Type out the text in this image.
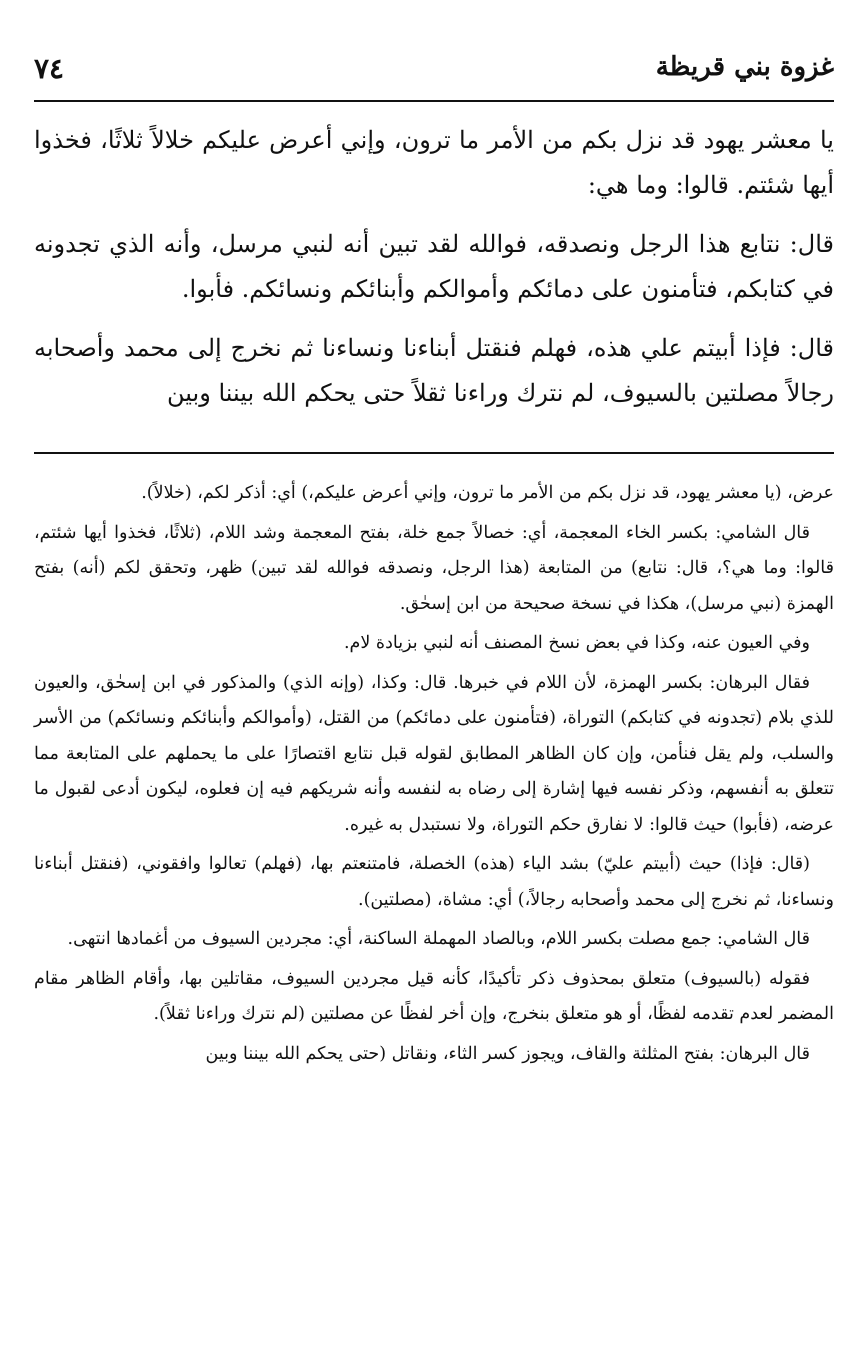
٧٤	غزوة بني قريظة

يا معشر يهود قد نزل بكم من الأمر ما ترون، وإني أعرض عليكم خلالاً ثلاثًا، فخذوا أيها شئتم. قالوا: وما هي:

قال: نتابع هذا الرجل ونصدقه، فوالله لقد تبين أنه لنبي مرسل، وأنه الذي تجدونه في كتابكم، فتأمنون على دمائكم وأموالكم وأبنائكم ونسائكم. فأبوا.

قال: فإذا أبيتم علي هذه، فهلم فنقتل أبناءنا ونساءنا ثم نخرج إلى محمد وأصحابه رجالاً مصلتين بالسيوف، لم نترك وراءنا ثقلاً حتى يحكم الله بيننا وبين

عرض، (يا معشر يهود، قد نزل بكم من الأمر ما ترون، وإني أعرض عليكم،) أي: أذكر لكم، (خلالاً).

قال الشامي: بكسر الخاء المعجمة، أي: خصالاً جمع خلة، بفتح المعجمة وشد اللام، (ثلاثًا، فخذوا أيها شئتم، قالوا: وما هي؟، قال: نتابع) من المتابعة (هذا الرجل، ونصدقه فوالله لقد تبين) ظهر، وتحقق لكم (أنه) بفتح الهمزة (نبي مرسل)، هكذا في نسخة صحيحة من ابن إسحٰق.

وفي العيون عنه، وكذا في بعض نسخ المصنف أنه لنبي بزيادة لام.

فقال البرهان: بكسر الهمزة، لأن اللام في خبرها. قال: وكذا، (وإنه الذي) والمذكور في ابن إسحٰق، والعيون للذي بلام (تجدونه في كتابكم) التوراة، (فتأمنون على دمائكم) من القتل، (وأموالكم وأبنائكم ونسائكم) من الأسر والسلب، ولم يقل فنأمن، وإن كان الظاهر المطابق لقوله قبل نتابع اقتصارًا على ما يحملهم على المتابعة مما تتعلق به أنفسهم، وذكر نفسه فيها إشارة إلى رضاه به لنفسه وأنه شريكهم فيه إن فعلوه، ليكون أدعى لقبول ما عرضه، (فأبوا) حيث قالوا: لا نفارق حكم التوراة، ولا نستبدل به غيره.

(قال: فإذا) حيث (أبيتم عليّ) بشد الياء (هذه) الخصلة، فامتنعتم بها، (فهلم) تعالوا وافقوني، (فنقتل أبناءنا ونساءنا، ثم نخرج إلى محمد وأصحابه رجالاً،) أي: مشاة، (مصلتين).

قال الشامي: جمع مصلت بكسر اللام، وبالصاد المهملة الساكنة، أي: مجردين السيوف من أغمادها انتهى.

فقوله (بالسيوف) متعلق بمحذوف ذكر تأكيدًا، كأنه قيل مجردين السيوف، مقاتلين بها، وأقام الظاهر مقام المضمر لعدم تقدمه لفظًا، أو هو متعلق بنخرج، وإن أخر لفظًا عن مصلتين (لم نترك وراءنا ثقلاً).

قال البرهان: بفتح المثلثة والقاف، ويجوز كسر الثاء، ونقاتل (حتى يحكم الله بيننا وبين
